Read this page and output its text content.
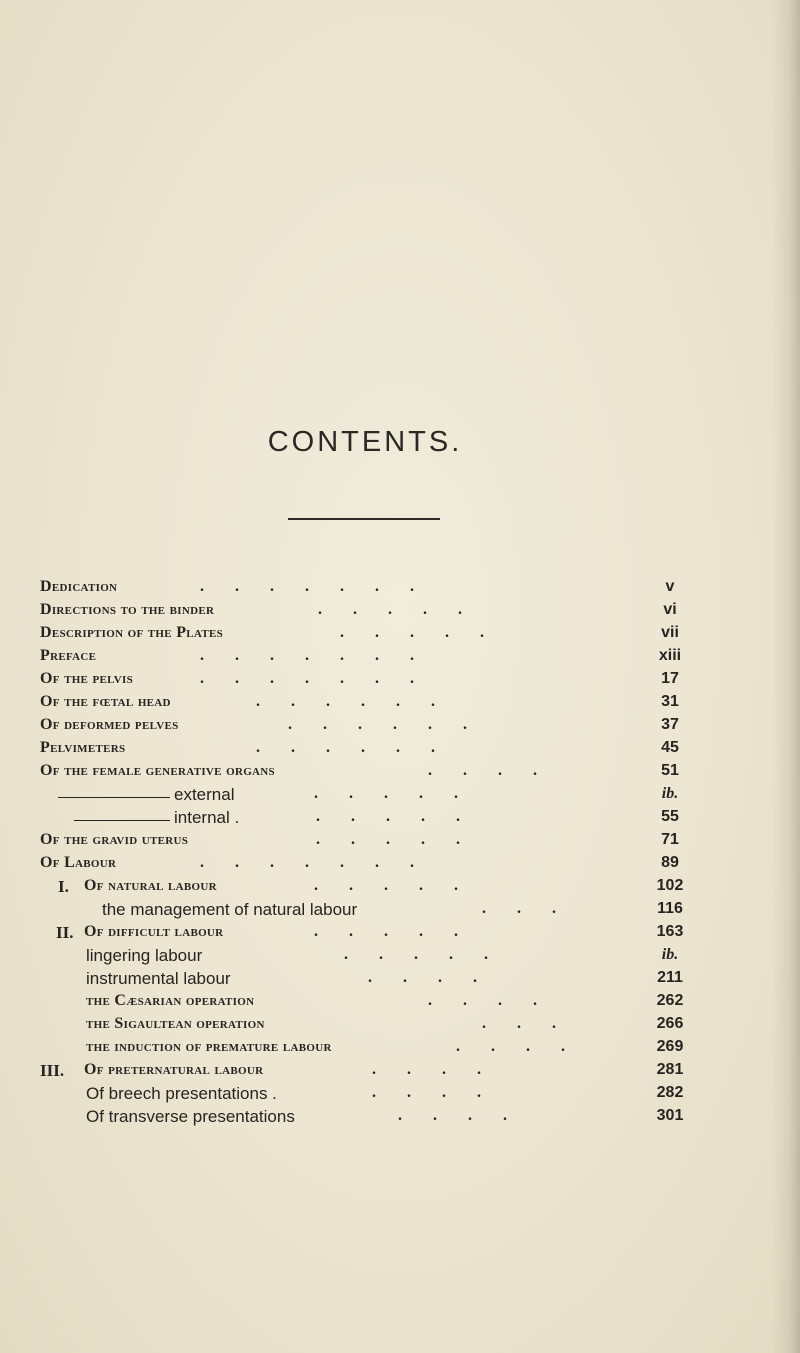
CONTENTS.
Dedication	.......	v
Directions to the binder	.....	vi
Description of the Plates	.....	vii
Preface	.......	xiii
Of the pelvis	.......	17
Of the fœtal head	......	31
Of deformed pelves	......	37
Pelvimeters	......	45
Of the female generative organs	....	51
external	.....	ib.
internal .	.....	55
Of the gravid uterus	.....	71
Of Labour	.......	89
I. Of natural labour	.....	102
the management of natural labour	...	116
II. Of difficult labour	.....	163
lingering labour	.....	ib.
instrumental labour	....	211
the Cæsarian operation	....	262
the Sigaultean operation	...	266
the induction of premature labour	....	269
III. Of preternatural labour	....	281
Of breech presentations .	....	282
Of transverse presentations	....	301
